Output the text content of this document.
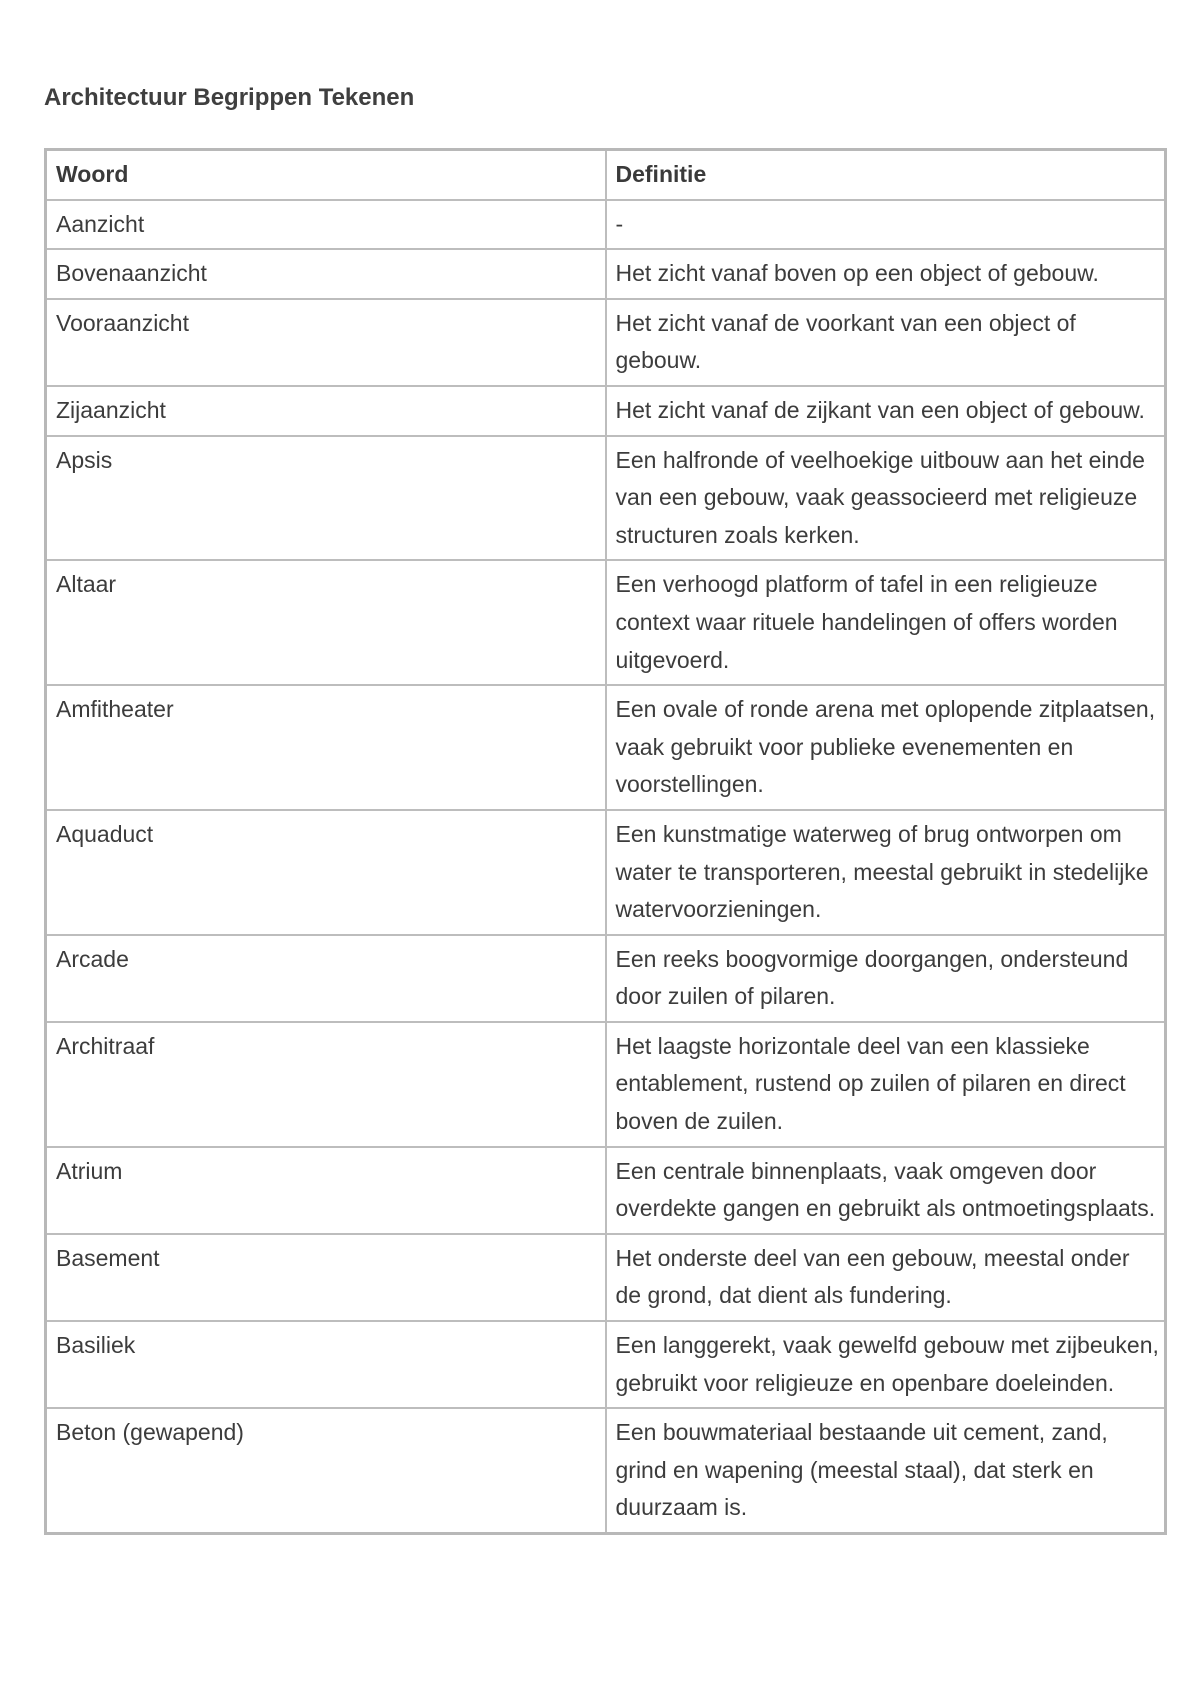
Architectuur Begrippen Tekenen
Woord	Definitie
Aanzicht	-
Bovenaanzicht	Het zicht vanaf boven op een object of gebouw.
Vooraanzicht	Het zicht vanaf de voorkant van een object of gebouw.
Zijaanzicht	Het zicht vanaf de zijkant van een object of gebouw.
Apsis	Een halfronde of veelhoekige uitbouw aan het einde van een gebouw, vaak geassocieerd met religieuze structuren zoals kerken.
Altaar	Een verhoogd platform of tafel in een religieuze context waar rituele handelingen of offers worden uitgevoerd.
Amfitheater	Een ovale of ronde arena met oplopende zitplaatsen, vaak gebruikt voor publieke evenementen en voorstellingen.
Aquaduct	Een kunstmatige waterweg of brug ontworpen om water te transporteren, meestal gebruikt in stedelijke watervoorzieningen.
Arcade	Een reeks boogvormige doorgangen, ondersteund door zuilen of pilaren.
Architraaf	Het laagste horizontale deel van een klassieke entablement, rustend op zuilen of pilaren en direct boven de zuilen.
Atrium	Een centrale binnenplaats, vaak omgeven door overdekte gangen en gebruikt als ontmoetingsplaats.
Basement	Het onderste deel van een gebouw, meestal onder de grond, dat dient als fundering.
Basiliek	Een langgerekt, vaak gewelfd gebouw met zijbeuken, gebruikt voor religieuze en openbare doeleinden.
Beton (gewapend)	Een bouwmateriaal bestaande uit cement, zand, grind en wapening (meestal staal), dat sterk en duurzaam is.
